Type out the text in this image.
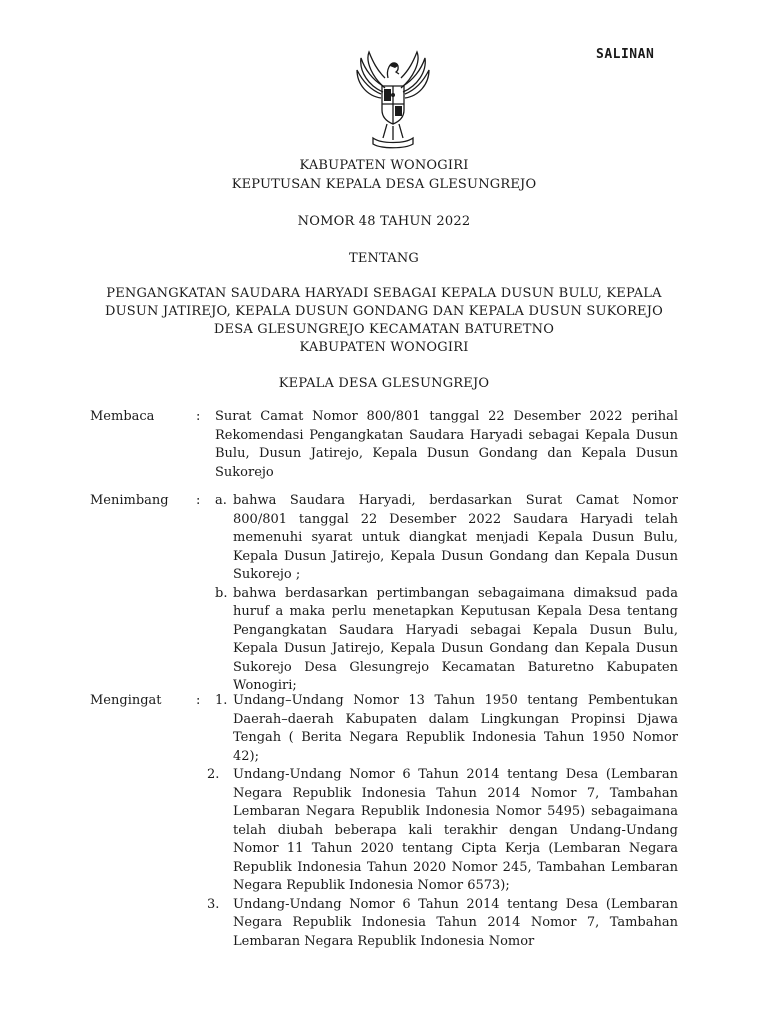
SALINAN
KABUPATEN WONOGIRI
KEPUTUSAN KEPALA DESA GLESUNGREJO
NOMOR 48 TAHUN 2022
TENTANG
PENGANGKATAN SAUDARA HARYADI SEBAGAI KEPALA DUSUN BULU, KEPALA
DUSUN JATIREJO, KEPALA DUSUN GONDANG DAN KEPALA DUSUN SUKOREJO
DESA GLESUNGREJO KECAMATAN BATURETNO
KABUPATEN WONOGIRI
KEPALA DESA GLESUNGREJO
Membaca	: Surat Camat Nomor 800/801 tanggal 22 Desember 2022 perihal Rekomendasi Pengangkatan Saudara Haryadi sebagai Kepala Dusun Bulu, Dusun Jatirejo, Kepala Dusun Gondang dan Kepala Dusun Sukorejo
Menimbang : a. bahwa Saudara Haryadi, berdasarkan Surat Camat Nomor 800/801 tanggal 22 Desember 2022 Saudara Haryadi telah memenuhi syarat untuk diangkat menjadi Kepala Dusun Bulu, Kepala Dusun Jatirejo, Kepala Dusun Gondang dan Kepala Dusun Sukorejo ;
b. bahwa berdasarkan pertimbangan sebagaimana dimaksud pada huruf a maka perlu menetapkan Keputusan Kepala Desa tentang Pengangkatan Saudara Haryadi sebagai Kepala Dusun Bulu, Kepala Dusun Jatirejo, Kepala Dusun Gondang dan Kepala Dusun Sukorejo Desa Glesungrejo Kecamatan Baturetno Kabupaten Wonogiri;
Mengingat	: 1. Undang–Undang Nomor 13 Tahun 1950 tentang Pembentukan Daerah–daerah Kabupaten dalam Lingkungan Propinsi Djawa Tengah ( Berita Negara Republik Indonesia Tahun 1950 Nomor 42);
2. Undang-Undang Nomor 6 Tahun 2014 tentang Desa (Lembaran Negara Republik Indonesia Tahun 2014 Nomor 7, Tambahan Lembaran Negara Republik Indonesia Nomor 5495) sebagaimana telah diubah beberapa kali terakhir dengan Undang-Undang Nomor 11 Tahun 2020 tentang Cipta Kerja (Lembaran Negara Republik Indonesia Tahun 2020 Nomor 245, Tambahan Lembaran Negara Republik Indonesia Nomor 6573);
3. Undang-Undang Nomor 6 Tahun 2014 tentang Desa (Lembaran Negara Republik Indonesia Tahun 2014 Nomor 7, Tambahan Lembaran Negara Republik Indonesia Nomor
